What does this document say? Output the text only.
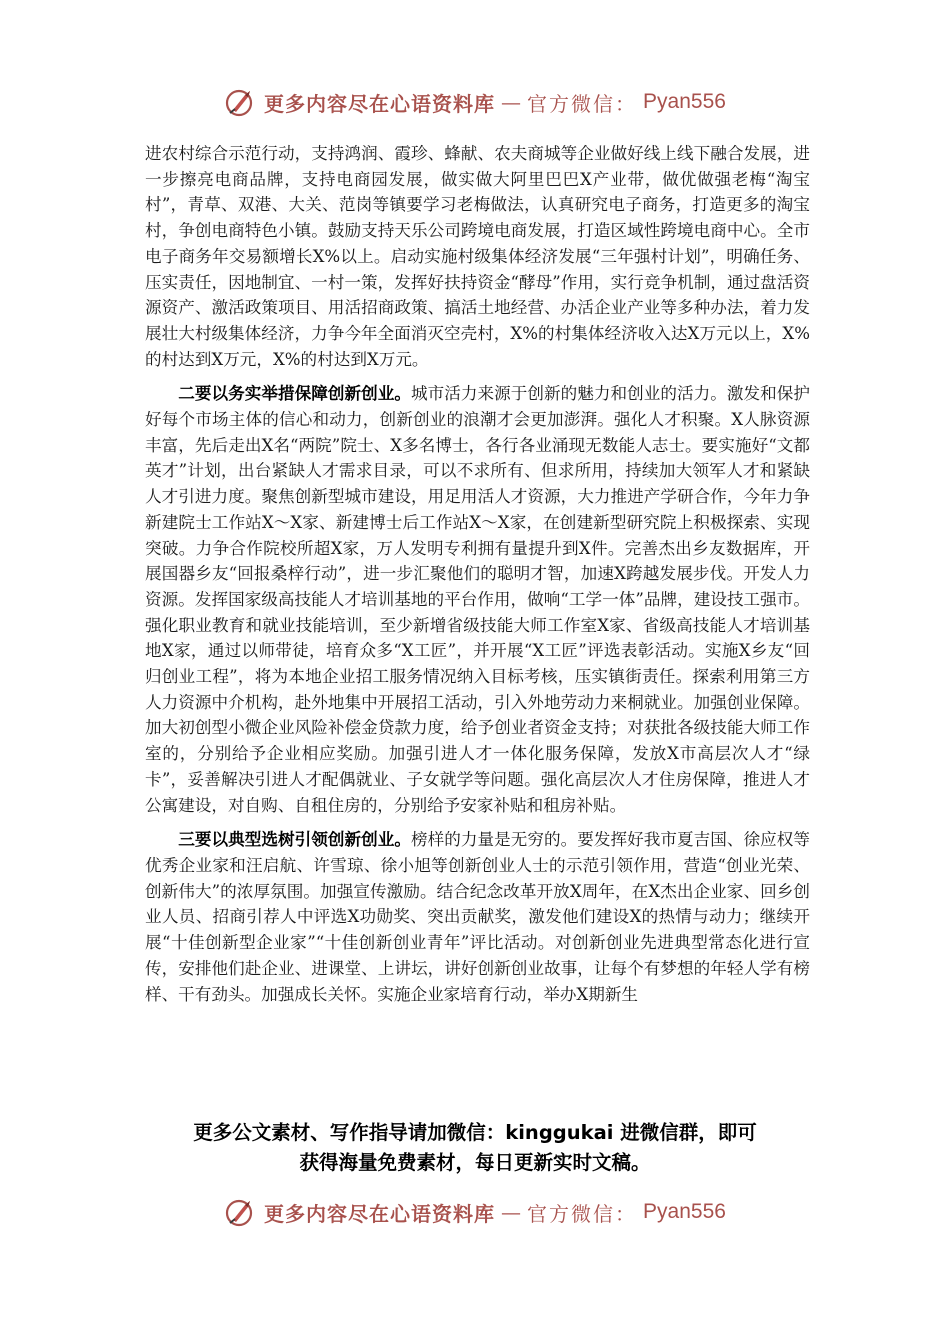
更多内容尽在心语资料库 — 官方微信： Pyan556

进农村综合示范行动，支持鸿润、霞珍、蜂献、农夫商城等企业做好线上线下融合发展，进一步擦亮电商品牌，支持电商园发展，做实做大阿里巴巴X产业带，做优做强老梅“淘宝村”，青草、双港、大关、范岗等镇要学习老梅做法，认真研究电子商务，打造更多的淘宝村，争创电商特色小镇。鼓励支持天乐公司跨境电商发展，打造区域性跨境电商中心。全市电子商务年交易额增长X%以上。启动实施村级集体经济发展“三年强村计划”，明确任务、压实责任，因地制宜、一村一策，发挥好扶持资金“酵母”作用，实行竞争机制，通过盘活资源资产、激活政策项目、用活招商政策、搞活土地经营、办活企业产业等多种办法，着力发展壮大村级集体经济，力争今年全面消灭空壳村，X%的村集体经济收入达X万元以上，X%的村达到X万元，X%的村达到X万元。

二要以务实举措保障创新创业。城市活力来源于创新的魅力和创业的活力。激发和保护好每个市场主体的信心和动力，创新创业的浪潮才会更加澎湃。强化人才积聚。X人脉资源丰富，先后走出X名“两院”院士、X多名博士，各行各业涌现无数能人志士。要实施好“文都英才”计划，出台紧缺人才需求目录，可以不求所有、但求所用，持续加大领军人才和紧缺人才引进力度。聚焦创新型城市建设，用足用活人才资源，大力推进产学研合作，今年力争新建院士工作站X～X家、新建博士后工作站X～X家，在创建新型研究院上积极探索、实现突破。力争合作院校所超X家，万人发明专利拥有量提升到X件。完善杰出乡友数据库，开展国器乡友“回报桑梓行动”，进一步汇聚他们的聪明才智，加速X跨越发展步伐。开发人力资源。发挥国家级高技能人才培训基地的平台作用，做响“工学一体”品牌，建设技工强市。强化职业教育和就业技能培训，至少新增省级技能大师工作室X家、省级高技能人才培训基地X家，通过以师带徒，培育众多“X工匠”，并开展“X工匠”评选表彰活动。实施X乡友“回归创业工程”，将为本地企业招工服务情况纳入目标考核，压实镇街责任。探索利用第三方人力资源中介机构，赴外地集中开展招工活动，引入外地劳动力来桐就业。加强创业保障。加大初创型小微企业风险补偿金贷款力度，给予创业者资金支持；对获批各级技能大师工作室的，分别给予企业相应奖励。加强引进人才一体化服务保障，发放X市高层次人才“绿卡”，妥善解决引进人才配偶就业、子女就学等问题。强化高层次人才住房保障，推进人才公寓建设，对自购、自租住房的，分别给予安家补贴和租房补贴。

三要以典型选树引领创新创业。榜样的力量是无穷的。要发挥好我市夏吉国、徐应权等优秀企业家和汪启航、许雪琼、徐小旭等创新创业人士的示范引领作用，营造“创业光荣、创新伟大”的浓厚氛围。加强宣传激励。结合纪念改革开放X周年，在X杰出企业家、回乡创业人员、招商引荐人中评选X功勋奖、突出贡献奖，激发他们建设X的热情与动力；继续开展“十佳创新型企业家”“十佳创新创业青年”评比活动。对创新创业先进典型常态化进行宣传，安排他们赴企业、进课堂、上讲坛，讲好创新创业故事，让每个有梦想的年轻人学有榜样、干有劲头。加强成长关怀。实施企业家培育行动，举办X期新生

更多公文素材、写作指导请加微信：kinggukai 进微信群，即可
获得海量免费素材，每日更新实时文稿。
更多内容尽在心语资料库 — 官方微信： Pyan556
